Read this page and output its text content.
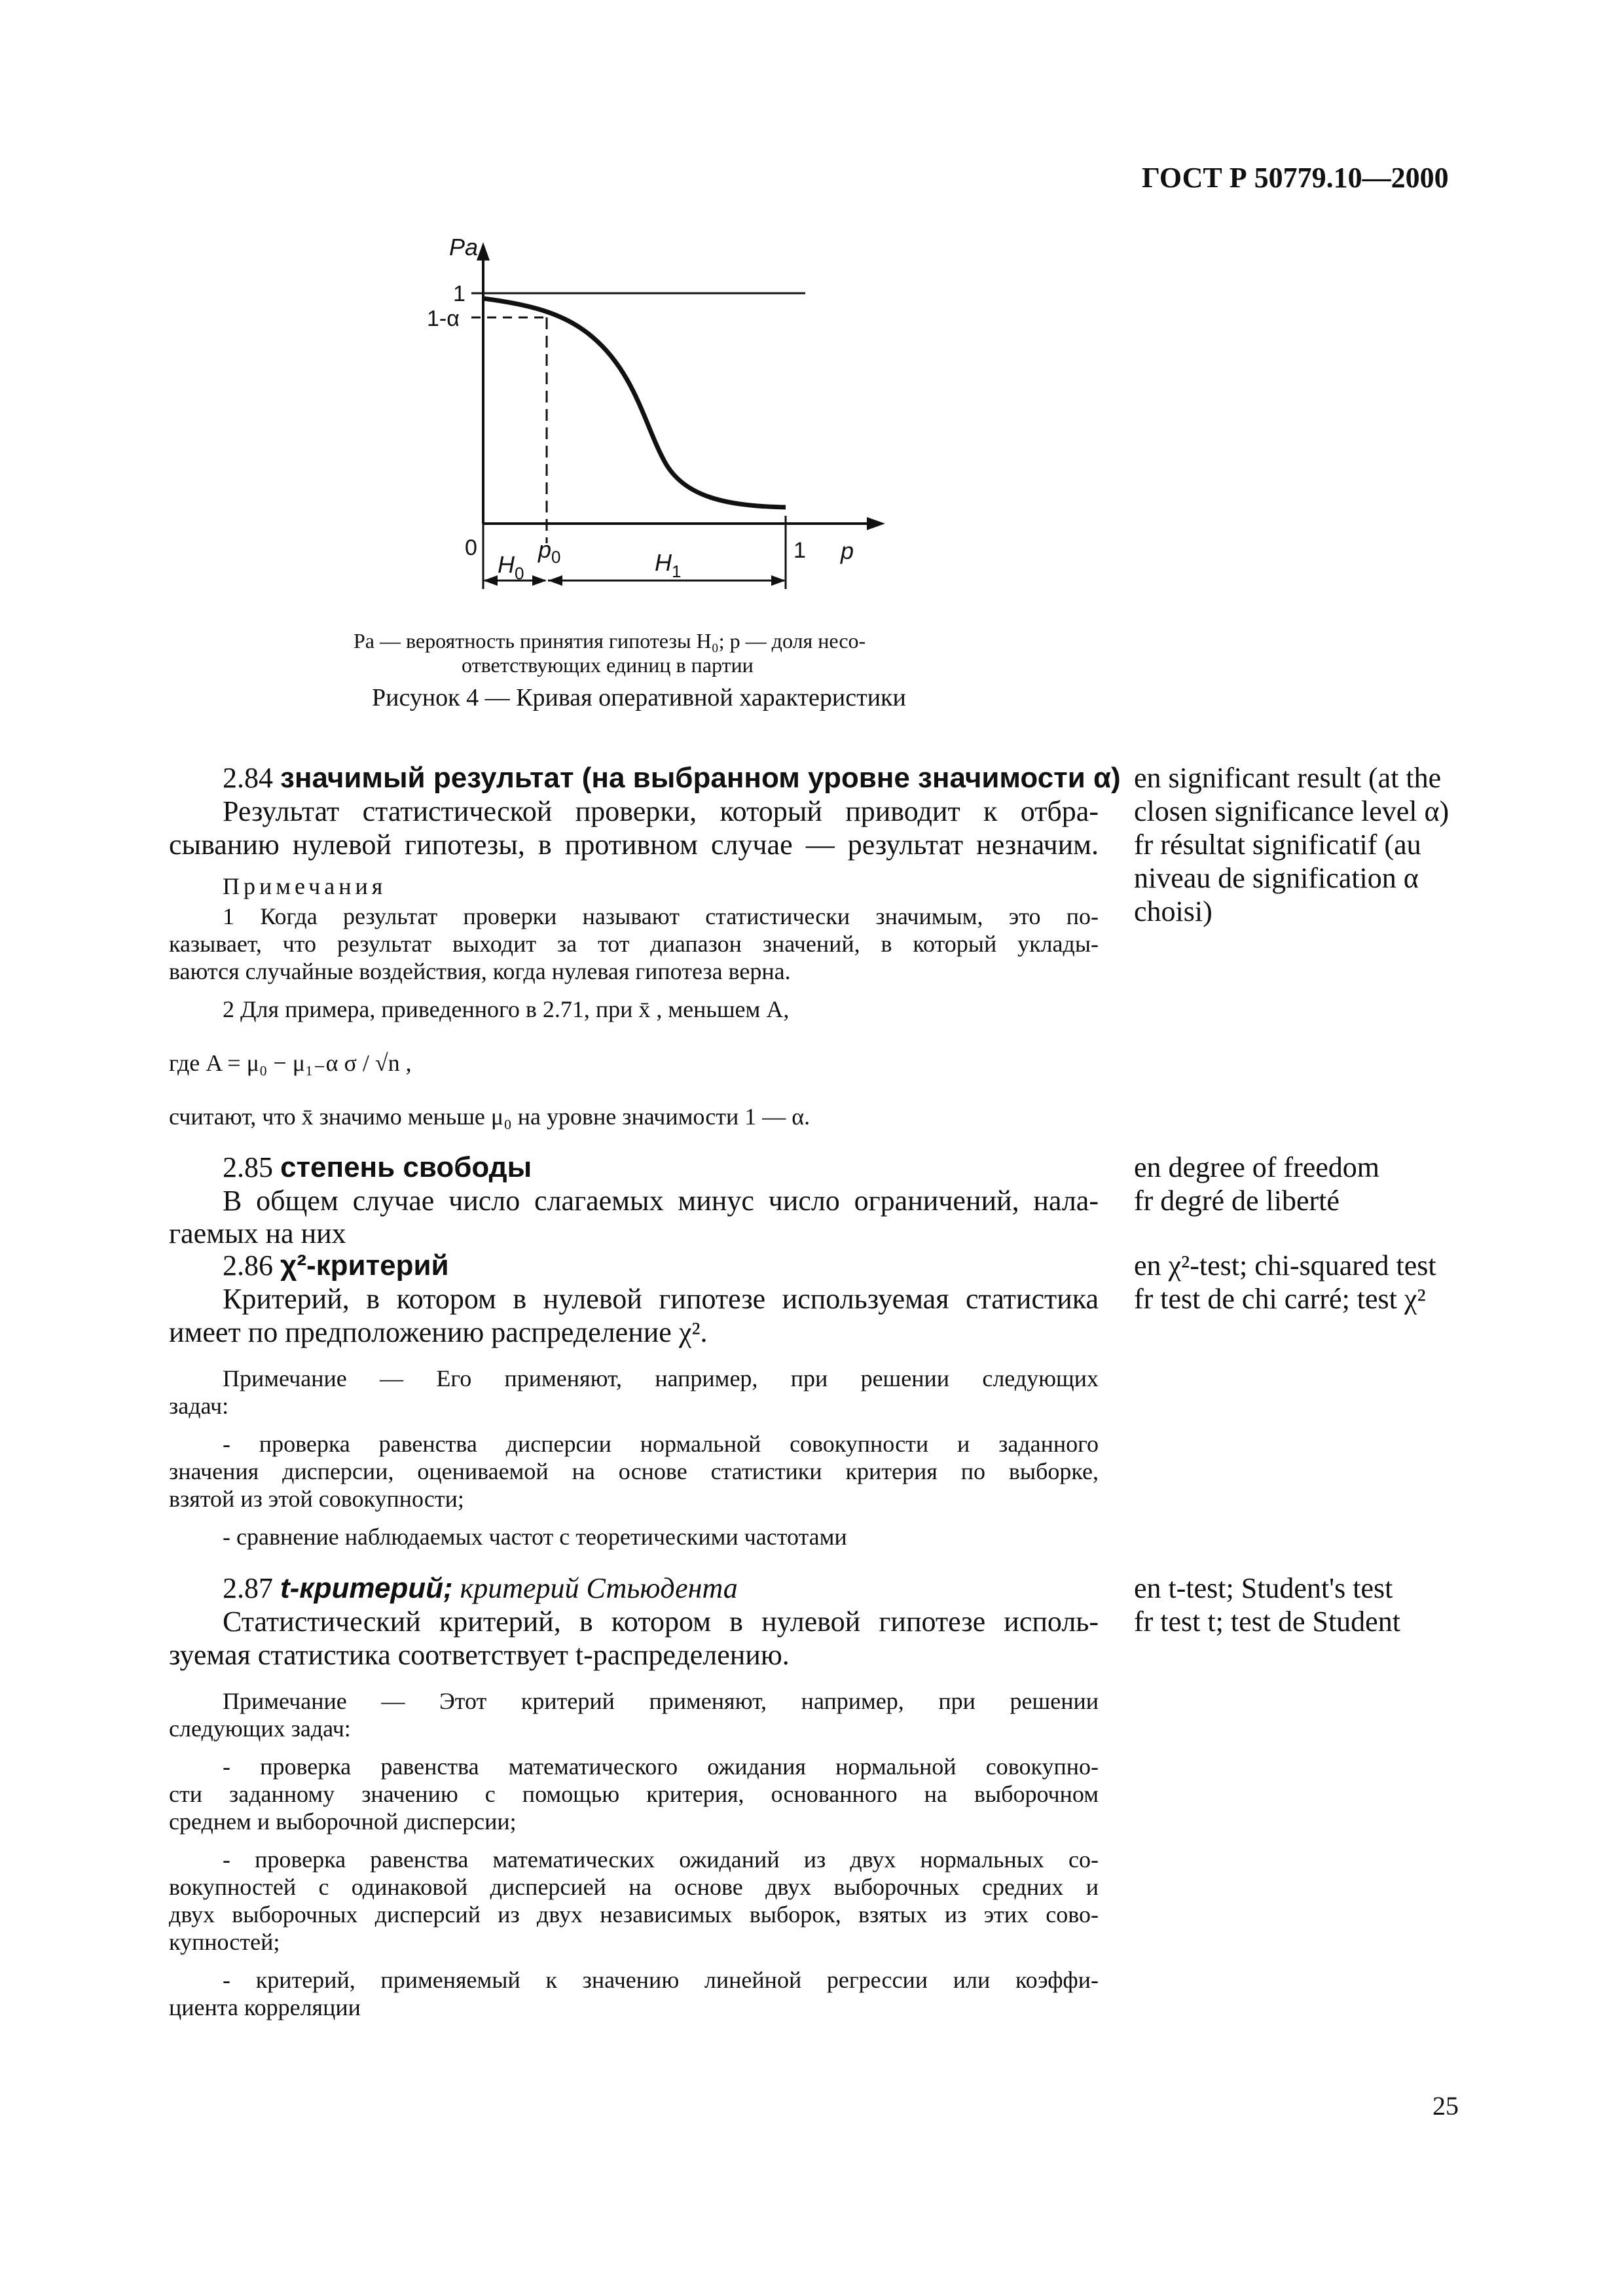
ГОСТ Р 50779.10—2000
Pa
1
1-α
0
$H_0$
$p_0$	$H_1$
1 p
Pa — вероятность принятия гипотезы H₀; p — доля несо-
ответствующих единиц в партии
Рисунок 4 — Кривая оперативной характеристики
2.84 значимый результат (на выбранном уровне значимости α)
Результат статистической проверки, который приводит к отбра-
сыванию нулевой гипотезы, в противном случае — результат незначим.
Примечания
1 Когда результат проверки называют статистически значимым, это по-
казывает, что результат выходит за тот диапазон значений, в который уклады-
ваются случайные воздействия, когда нулевая гипотеза верна.
2 Для примера, приведенного в 2.71, при x̄ , меньшем A,
где A = μ₀ − μ₁₋α σ / √n ,
считают, что x̄ значимо меньше μ₀ на уровне значимости 1 — α.
en significant result (at the
closen significance level α)
fr résultat significatif (au
niveau de signification α
choisi)
2.85 степень свободы
В общем случае число слагаемых минус число ограничений, нала-
гаемых на них
en degree of freedom
fr degré de liberté
2.86 χ²-критерий
Критерий, в котором в нулевой гипотезе используемая статистика
имеет по предположению распределение χ².
Примечание — Его применяют, например, при решении следующих
задач:
- проверка равенства дисперсии нормальной совокупности и заданного
значения дисперсии, оцениваемой на основе статистики критерия по выборке,
взятой из этой совокупности;
- сравнение наблюдаемых частот с теоретическими частотами
en χ²-test; chi-squared test
fr test de chi carré; test χ²
2.87 t-критерий; критерий Стьюдента
Статистический критерий, в котором в нулевой гипотезе исполь-
зуемая статистика соответствует t-распределению.
Примечание — Этот критерий применяют, например, при решении
следующих задач:
- проверка равенства математического ожидания нормальной совокупно-
сти заданному значению с помощью критерия, основанного на выборочном
среднем и выборочной дисперсии;
- проверка равенства математических ожиданий из двух нормальных со-
вокупностей с одинаковой дисперсией на основе двух выборочных средних и
двух выборочных дисперсий из двух независимых выборок, взятых из этих сово-
купностей;
- критерий, применяемый к значению линейной регрессии или коэффи-
циента корреляции
en t-test; Student's test
fr test t; test de Student
25
